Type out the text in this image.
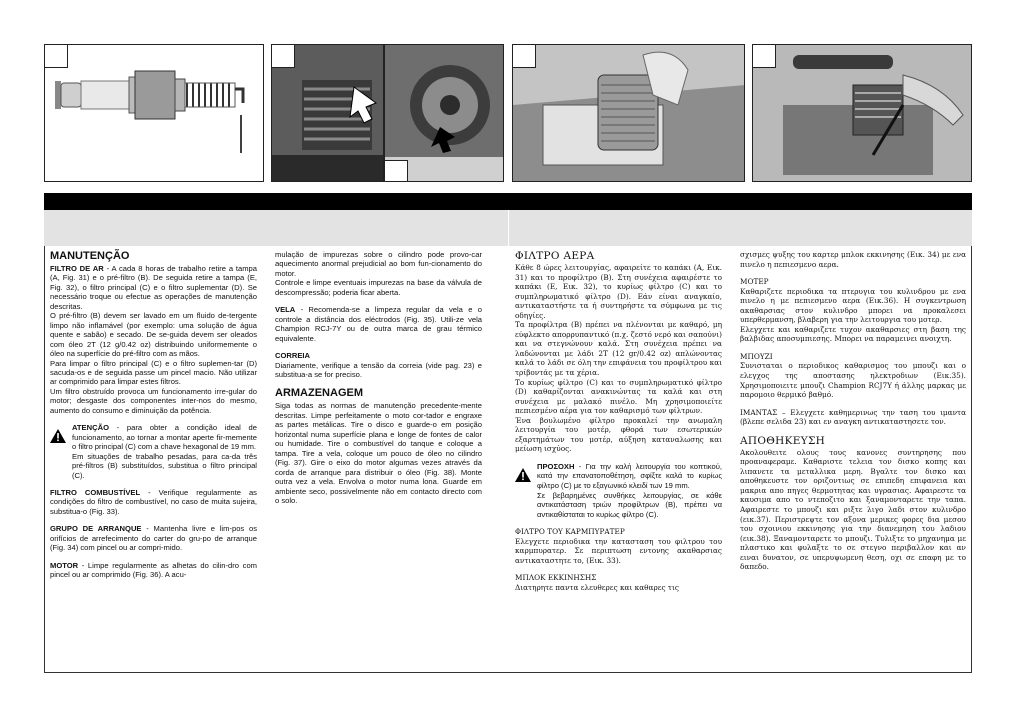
MANUTENÇÃO

FILTRO DE AR - A cada 8 horas de trabalho retire a tampa (A, Fig. 31) e o pré-filtro (B). De seguida retire a tampa (E, Fig. 32), o filtro principal (C) e o filtro suplementar (D). Se necessário troque ou efectue as operações de manutenção descritas.

O pré-filtro (B) devem ser lavado em um fluido de-tergente limpo não inflamável (por exemplo: uma solução de água quente e sabão) e secado. De se-guida devem ser oleados com óleo 2T (12 g/0.42 oz) distribuindo uniformemente o óleo na superfície do pré-filtro com as mãos.

Para limpar o filtro principal (C) e o filtro suplemen-tar (D) sacuda-os e de seguida passe um pincel macio. Não utilizar ar comprimido para limpar estes filtros.

Um filtro obstruído provoca um funcionamento irre-gular do motor; desgaste dos componentes inter-nos do mesmo, aumento do consumo e diminuição da potência.

ATENÇÃO - para obter a condição ideal de funcionamento, ao tornar a montar aperte fir-memente o filtro principal (C) com a chave hexagonal de 19 mm.

Em situações de trabalho pesadas, para ca-da três pré-filtros (B) substituídos, substitua o filtro principal (C).

FILTRO COMBUSTÍVEL - Verifique regularmente as condições do filtro de combustível, no caso de muita sujeira, substitua-o (Fig. 33).

GRUPO DE ARRANQUE - Mantenha livre e lim-pos os orifícios de arrefecimento do carter do gru-po de arranque (Fig. 34) com pincel ou ar compri-mido.

MOTOR - Limpe regularmente as alhetas do cilin-dro com pincel ou ar comprimido (Fig. 36). A acu-

mulação de impurezas sobre o cilindro pode provo-car aquecimento anormal prejudicial ao bom fun-cionamento do motor.

Controle e limpe eventuais impurezas na base da válvula de descompressão; poderia ficar aberta.

VELA - Recomenda-se a limpeza regular da vela e o controle a distância dos eléctrodos (Fig. 35). Utili-ze vela Champion RCJ-7Y ou de outra marca de grau térmico equivalente.

CORREIA

Diariamente, verifique a tensão da correia (vide pag. 23) e substitua-a se for preciso.

ARMAZENAGEM

Siga todas as normas de manutenção precedente-mente descritas. Limpe perfeitamente o moto cor-tador e engraxe as partes metálicas. Tire o disco e guarde-o em posição horizontal numa superfície plana e longe de fontes de calor ou humidade. Tire o combustível do tanque e coloque a tampa. Tire a vela, coloque um pouco de óleo no cilindro (Fig. 37). Gire o eixo do motor algumas vezes através da corda de arranque para distribuir o óleo (Fig. 38). Monte outra vez a vela. Envolva o motor numa lona. Guarde em ambiente seco, possivelmente não em contacto directo com o solo.

ΦΙΛΤΡΟ ΑΕΡΑ

Κάθε 8 ώρες λειτουργίας, αφαιρείτε το καπάκι (A, Εικ. 31) και το προφίλτρο (B). Στη συνέχεια αφαιρέστε το καπάκι (E, Εικ. 32), το κυρίως φίλτρο (C) και το συμπληρωματικό φίλτρο (D). Εάν είναι αναγκαίο, αντικαταστήστε τα ή συντηρήστε τα σύμφωνα με τις οδηγίες.

Τα προφίλτρα (B) πρέπει να πλένονται με καθαρό, μη εύφλεκτο απορρυπαντικό (π.χ. ζεστό νερό και σαπούνι) και να στεγνώνουν καλά. Στη συνέχεια πρέπει να λαδώνονται με λάδι 2T (12 gr/0.42 oz) απλώνοντας καλά το λάδι σε όλη την επιφάνεια του προφίλτρου και τρίβοντάς με τα χέρια.

Το κυρίως φίλτρο (C) και το συμπληρωματικό φίλτρο (D) καθαρίζονται ανακινώντας τα καλά και στη συνέχεια με μαλακό πινέλο. Μη χρησιμοποιείτε πεπιεσμένο αέρα για τον καθαρισμό των φίλτρων.

Ένα βουλωμένο φίλτρο προκαλεί την ανωμαλη λειτουργία του μοτέρ, φθορά των εσωτερικών εξαρτημάτων του μοτέρ, αύξηση καταναλωσης και μείωση ισχύος.

ΠΡΟΣΟΧΗ - Για την καλή λειτουργία του κοπτικού, κατά την επανατοποθέτηση, σφίξτε καλά το κυρίως φίλτρο (C) με το εξαγωνικό κλειδί των 19 mm.

Σε βεβαρημένες συνθήκες λειτουργίας, σε κάθε αντικατάσταση τριών προφίλτρων (B), πρέπει να αντικαθίσταται το κυρίως φίλτρο (C).

ΦΙΛΤΡΟ ΤΟΥ ΚΑΡΜΠΥΡΑΤΕΡ

Ελεγχετε περιοδικα την κατασταση του φιλτρου του καρμπυρατερ. Σε περιπτωση εντονης ακαθαρσιας αντικαταστητε το, (Εικ. 33).

ΜΠΛΟΚ ΕΚΚΙΝΗΣΗΣ

Διατηρητε παντα ελευθερες και καθαρες τις

σχισμες ψυξης του καρτερ μπλοκ εκκινησης (Εικ. 34) με ενα πινελο η πεπιεσμενο αερα.

ΜΟΤΕΡ

Καθαριζετε περιοδικα τα πτερυγια του κυλινδρου με ενα πινελο η με πεπιεσμενο αερα (Εικ.36). Η συγκεντρωση ακαθαρσιας στον κυλινδρο μπορει να προκαλεσει υπερθερμανση, βλαβερη για την λειτουργια του μοτερ.

Ελεγχετε και καθαριζετε τυχον ακαθαρσιες στη βαση της βαλβιδας αποσυμπιεσης. Μπορει να παραμεινει ανοιχτη.

ΜΠΟΥΖΙ

Συνισταται ο περιοδικος καθαρισμος του μπουζι και ο ελεγχος της αποστασης ηλεκτροδιων (Εικ.35). Χρησιμοποιειτε μπουζι Champion RCJ7Y ή άλλης μαρκας με παρομοιο θερμικό βαθμό.

ΙΜΑΝΤΑΣ – Ελεγχετε καθημερινως την ταση του ιμαντα (βλεπε σελιδα 23) και εν αναγκη αντικαταστησετε τον.

ΑΠΟΘΗΚΕΥΣΗ

Ακολουθειτε ολους τους κανονες συντηρησης που προαναφεραμε. Καθαριστε τελεια τον δισκο κοπης και λιπανετε τα μεταλλικα μερη. Βγαλτε τον δισκο και αποθηκευστε τον οριζοντιως σε επιπεδη επιφανεια και μακρια απο πηγες θερμοτητας και υγρασιας. Αφαιρεστε τα καυσιμα απο το ντεποζιτο και ξαναμονταρετε την ταπα. Αφαιρεστε το μπουζι και ριξτε λιγο λαδι στον κυλινδρο (εικ.37). Περιστρεψτε τον αξονα μερικες φορες δια μεσου του σχοινιου εκκινησης για την διανεμηση του λαδιου (εικ.38). Ξαναμονταρετε το μπουζι. Τυλιξτε το μηχανημα με πλαστικο και φυλαξτε το σε στεγνο περιβαλλον και αν ειναι δυνατον, σε υπερυψωμενη θεση, οχι σε επαφη με το δαπεδο.
